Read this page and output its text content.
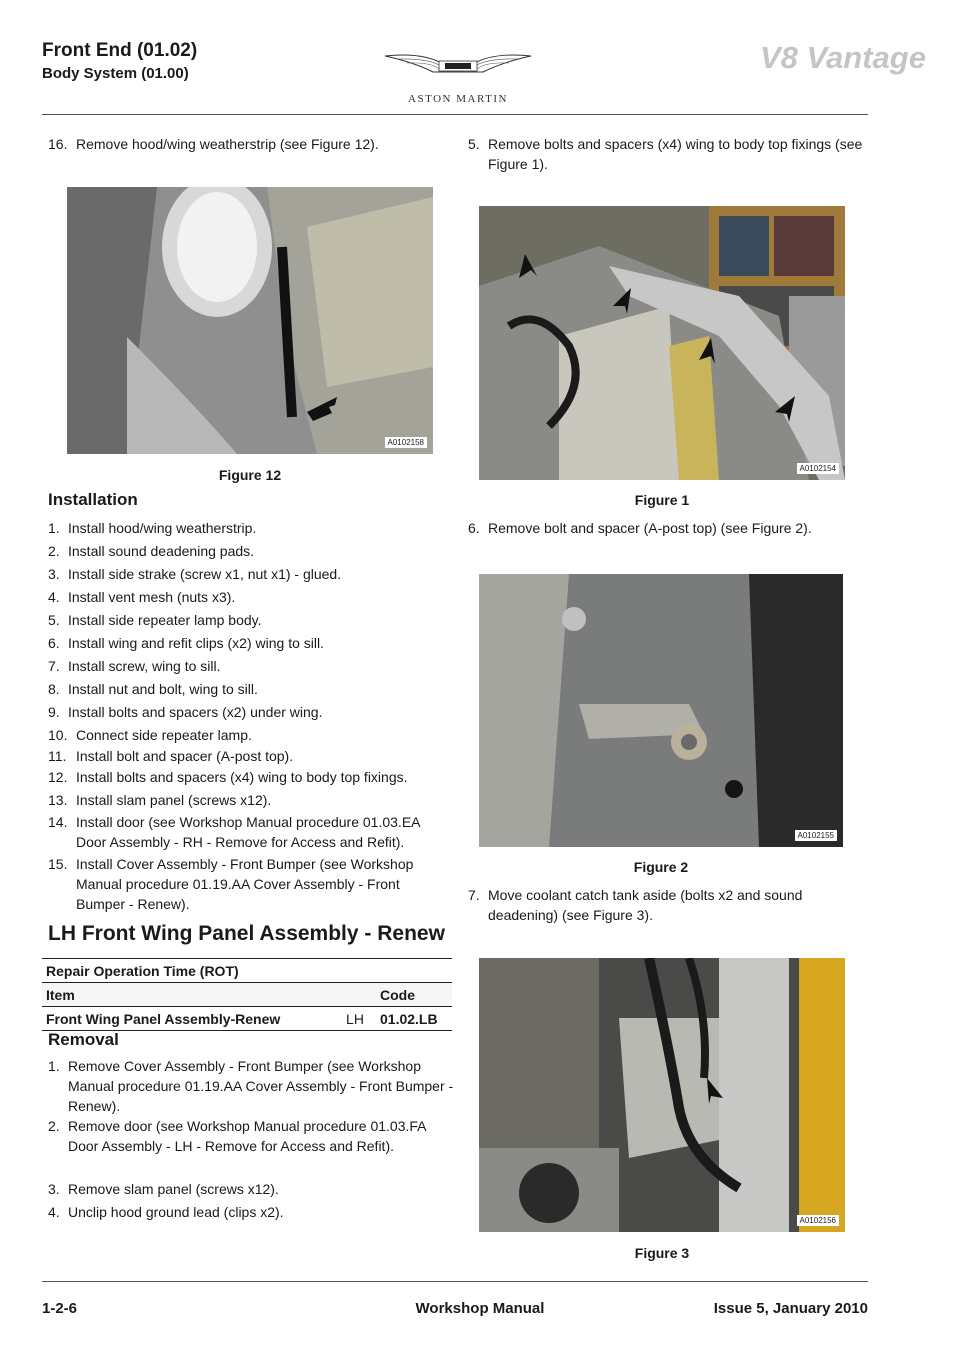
Front End (01.02)
Body System (01.00)
ASTON MARTIN
V8 Vantage
16. Remove hood/wing weatherstrip (see Figure 12).
A0102158
Figure 12
Installation
1. Install hood/wing weatherstrip.
2. Install sound deadening pads.
3. Install side strake (screw x1, nut x1) - glued.
4. Install vent mesh (nuts x3).
5. Install side repeater lamp body.
6. Install wing and refit clips (x2) wing to sill.
7. Install screw, wing to sill.
8. Install nut and bolt, wing to sill.
9. Install bolts and spacers (x2) under wing.
10. Connect side repeater lamp.
11. Install bolt and spacer (A-post top).
12. Install bolts and spacers (x4) wing to body top fixings.
13. Install slam panel (screws x12).
14. Install door (see Workshop Manual procedure 01.03.EA Door Assembly - RH - Remove for Access and Refit).
15. Install Cover Assembly - Front Bumper (see Workshop Manual procedure 01.19.AA Cover Assembly - Front Bumper - Renew).
LH Front Wing Panel Assembly - Renew
Repair Operation Time (ROT)		
Item		Code
Front Wing Panel Assembly-Renew	LH	01.02.LB
Removal
1. Remove Cover Assembly - Front Bumper (see Workshop Manual procedure 01.19.AA Cover Assembly - Front Bumper - Renew).
2. Remove door (see Workshop Manual procedure 01.03.FA Door Assembly - LH - Remove for Access and Refit).
3. Remove slam panel (screws x12).
4. Unclip hood ground lead (clips x2).
5. Remove bolts and spacers (x4) wing to body top fixings (see Figure 1).
A0102154
Figure 1
6. Remove bolt and spacer (A-post top) (see Figure 2).
A0102155
Figure 2
7. Move coolant catch tank aside (bolts x2 and sound deadening) (see Figure 3).
A0102156
Figure 3
1-2-6	Workshop Manual	Issue 5, January 2010
